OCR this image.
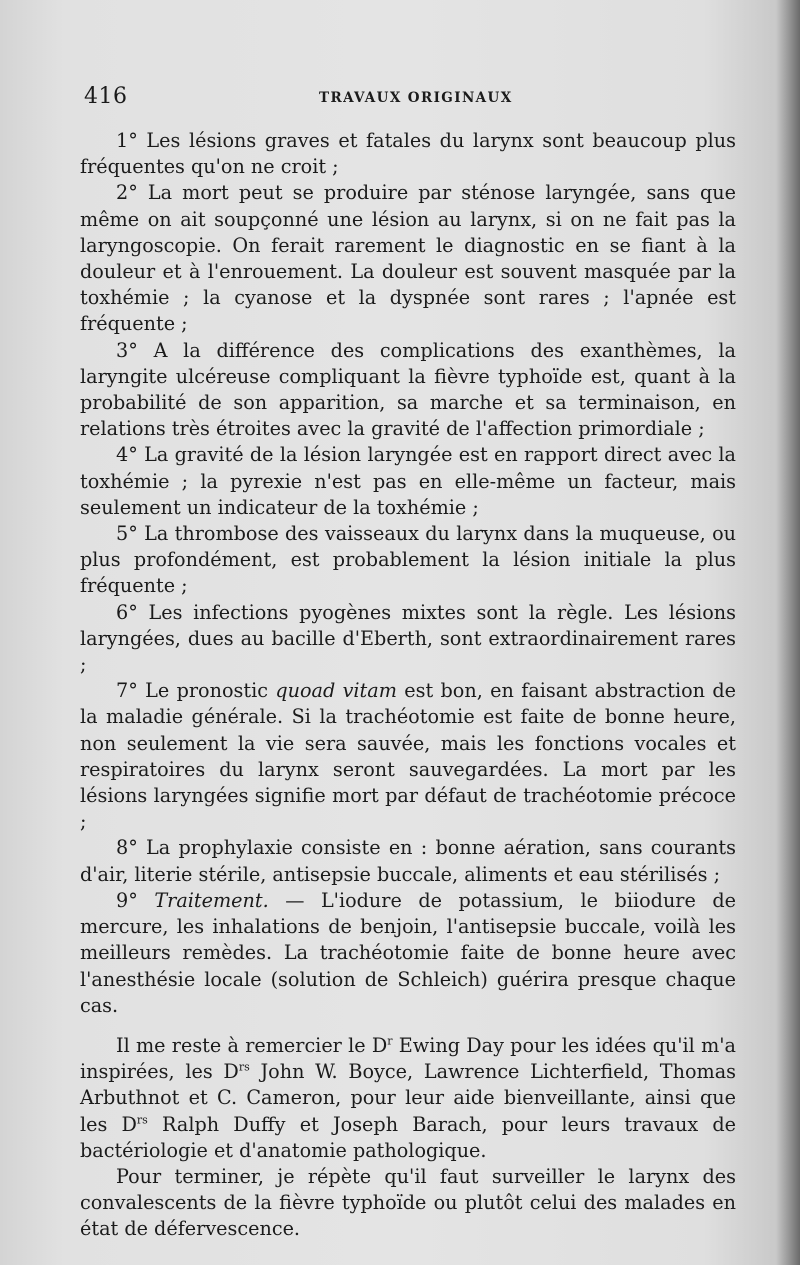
416	TRAVAUX ORIGINAUX

1° Les lésions graves et fatales du larynx sont beaucoup plus fréquentes qu'on ne croit ;

2° La mort peut se produire par sténose laryngée, sans que même on ait soupçonné une lésion au larynx, si on ne fait pas la laryngoscopie. On ferait rarement le diagnostic en se fiant à la douleur et à l'enrouement. La douleur est souvent masquée par la toxhémie ; la cyanose et la dyspnée sont rares ; l'apnée est fréquente ;

3° A la différence des complications des exanthèmes, la laryngite ulcéreuse compliquant la fièvre typhoïde est, quant à la probabilité de son apparition, sa marche et sa terminaison, en relations très étroites avec la gravité de l'affection primordiale ;

4° La gravité de la lésion laryngée est en rapport direct avec la toxhémie ; la pyrexie n'est pas en elle-même un facteur, mais seulement un indicateur de la toxhémie ;

5° La thrombose des vaisseaux du larynx dans la muqueuse, ou plus profondément, est probablement la lésion initiale la plus fréquente ;

6° Les infections pyogènes mixtes sont la règle. Les lésions laryngées, dues au bacille d'Eberth, sont extraordinairement rares ;

7° Le pronostic quoad vitam est bon, en faisant abstraction de la maladie générale. Si la trachéotomie est faite de bonne heure, non seulement la vie sera sauvée, mais les fonctions vocales et respiratoires du larynx seront sauvegardées. La mort par les lésions laryngées signifie mort par défaut de trachéotomie précoce ;

8° La prophylaxie consiste en : bonne aération, sans courants d'air, literie stérile, antisepsie buccale, aliments et eau stérilisés ;

9° Traitement. — L'iodure de potassium, le biiodure de mercure, les inhalations de benjoin, l'antisepsie buccale, voilà les meilleurs remèdes. La trachéotomie faite de bonne heure avec l'anesthésie locale (solution de Schleich) guérira presque chaque cas.

Il me reste à remercier le $D^r$ Ewing Day pour les idées qu'il m'a inspirées, les $D^{rs}$ John W. Boyce, Lawrence Lichterfield, Thomas Arbuthnot et C. Cameron, pour leur aide bienveillante, ainsi que les $D^{rs}$ Ralph Duffy et Joseph Barach, pour leurs travaux de bactériologie et d'anatomie pathologique.

Pour terminer, je répète qu'il faut surveiller le larynx des convalescents de la fièvre typhoïde ou plutôt celui des malades en état de défervescence.
